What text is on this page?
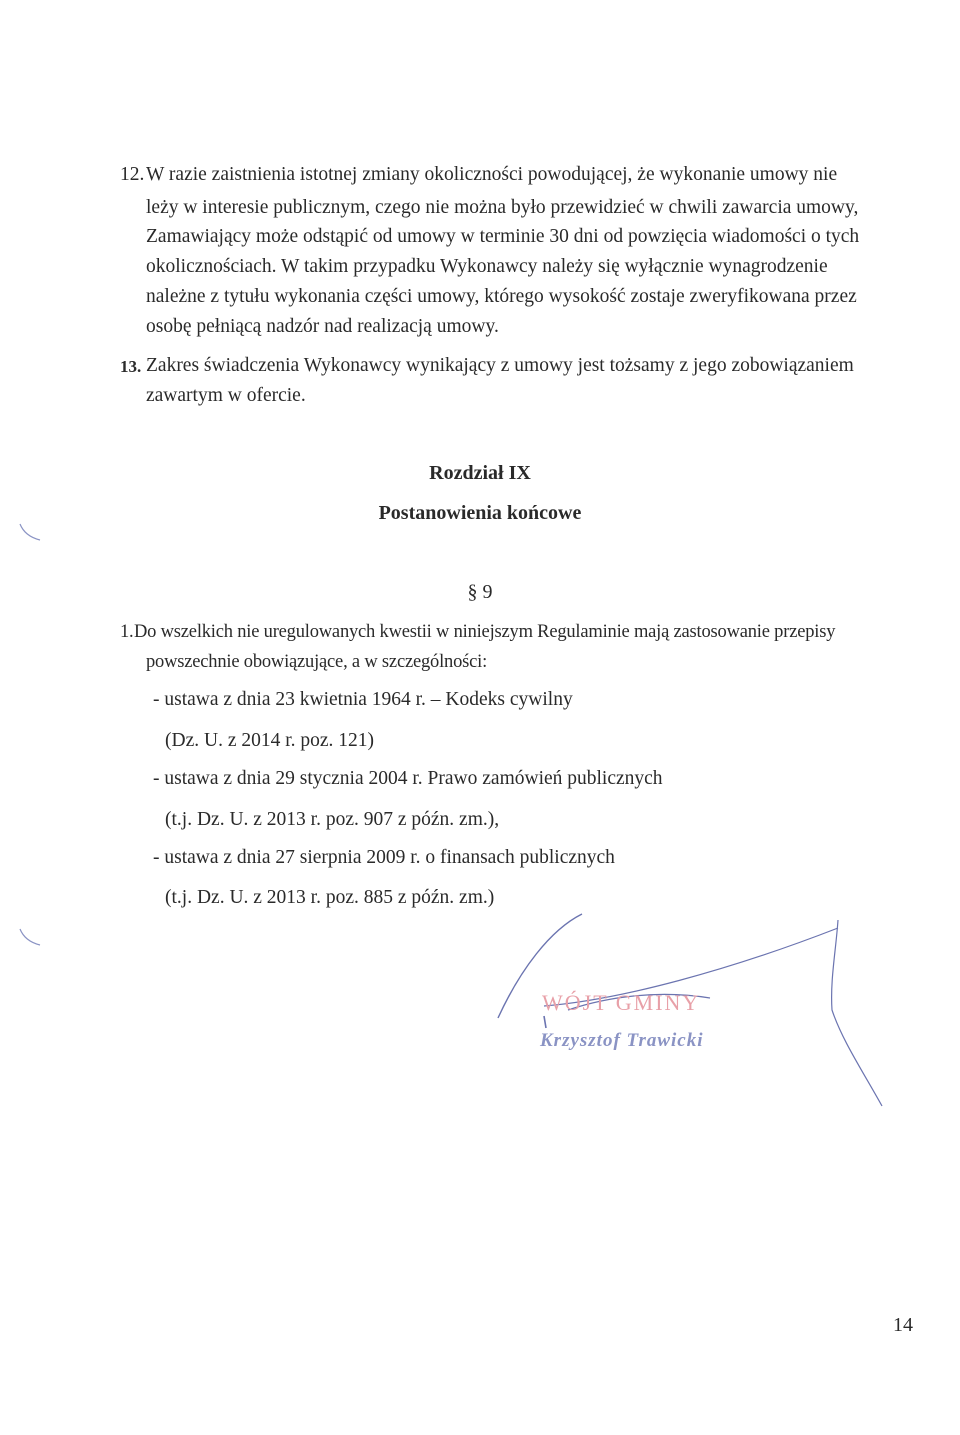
12. W razie zaistnienia istotnej zmiany okoliczności powodującej, że wykonanie umowy nie
leży w interesie publicznym, czego nie można było przewidzieć w chwili zawarcia umowy,
Zamawiający może odstąpić od umowy w terminie 30 dni od powzięcia wiadomości o tych
okolicznościach. W takim przypadku Wykonawcy należy się wyłącznie wynagrodzenie
należne z tytułu wykonania części umowy, którego wysokość zostaje zweryfikowana przez
osobę pełniącą nadzór nad realizacją umowy.
13. Zakres świadczenia Wykonawcy wynikający z umowy jest tożsamy z jego zobowiązaniem
zawartym w ofercie.
Rozdział IX
Postanowienia końcowe
§ 9
1. Do wszelkich nie uregulowanych kwestii w niniejszym Regulaminie mają zastosowanie przepisy
powszechnie obowiązujące, a w szczególności:
- ustawa z dnia 23 kwietnia 1964 r. – Kodeks cywilny
(Dz. U. z 2014 r. poz. 121)
- ustawa z dnia 29 stycznia 2004 r. Prawo zamówień publicznych
(t.j. Dz. U. z 2013 r. poz. 907 z późn. zm.),
- ustawa z dnia 27 sierpnia 2009 r. o finansach publicznych
(t.j. Dz. U. z 2013 r. poz. 885 z późn. zm.)
WÓJT GMINY
Krzysztof Trawicki
14
